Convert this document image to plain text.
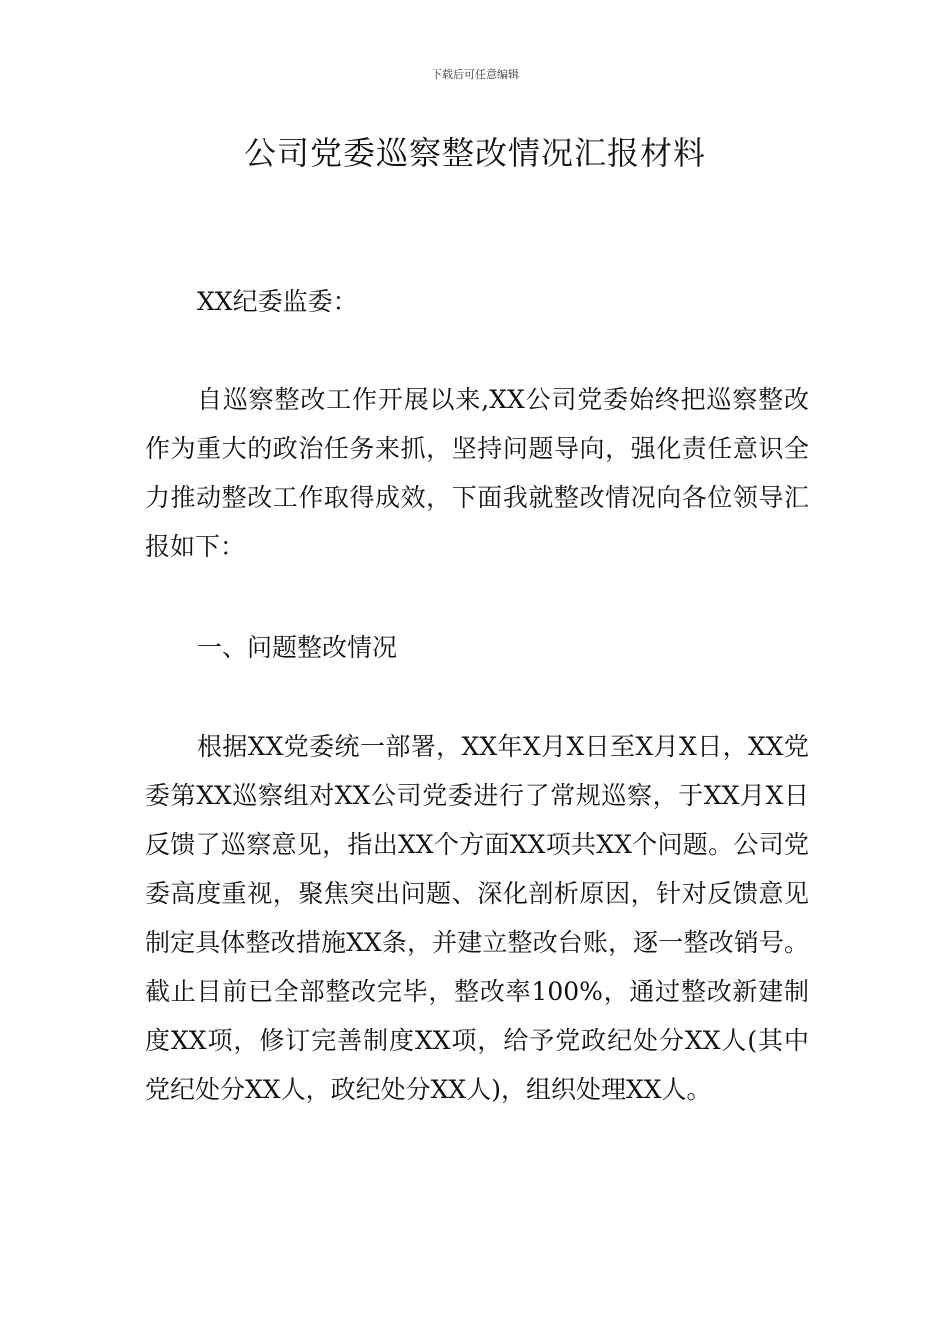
下载后可任意编辑
公司党委巡察整改情况汇报材料
XX纪委监委：
自巡察整改工作开展以来,XX公司党委始终把巡察整改作为重大的政治任务来抓，坚持问题导向，强化责任意识全力推动整改工作取得成效，下面我就整改情况向各位领导汇报如下：
一、问题整改情况
根据XX党委统一部署，XX年X月X日至X月X日，XX党委第XX巡察组对XX公司党委进行了常规巡察，于XX月X日反馈了巡察意见，指出XX个方面XX项共XX个问题。公司党委高度重视，聚焦突出问题、深化剖析原因，针对反馈意见制定具体整改措施XX条，并建立整改台账，逐一整改销号。截止目前已全部整改完毕，整改率100%，通过整改新建制度XX项，修订完善制度XX项，给予党政纪处分XX人(其中党纪处分XX人，政纪处分XX人)，组织处理XX人。
